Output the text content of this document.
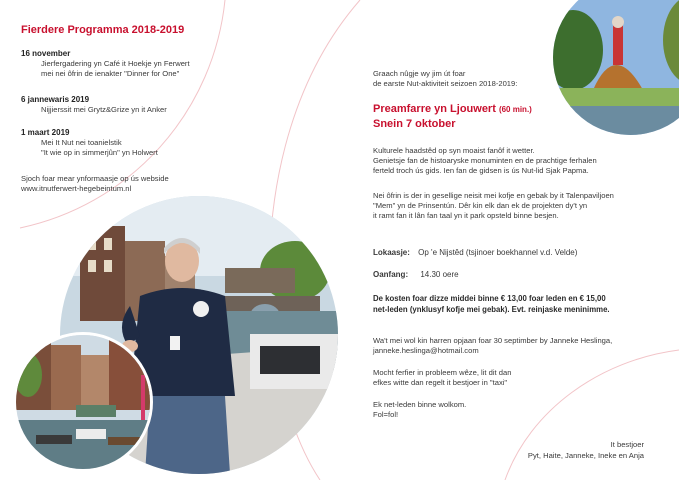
Fierdere Programma 2018-2019
16 november
Jierfergadering yn Café it Hoekje yn Ferwert
mei nei ôfrin de ienakter "Dinner for One"
6 jannewaris 2019
Nijjierssit mei Grytz&Grize yn it Anker
1 maart 2019
Mei It Nut nei toanielstik
"It wie op in simmerjûn" yn Holwert
Sjoch foar mear ynformaasje op ús webside
www.itnutferwert-hegebeintum.nl
Graach nûgje wy jim út foar
de earste Nut-aktiviteit seizoen 2018-2019:
Preamfarre yn Ljouwert (60 min.)
Snein 7 oktober
Kulturele haadstêd op syn moaist fanôf it wetter.
Genietsje fan de histoaryske monuminten en de prachtige ferhalen
ferteld troch ús gids. Ien fan de gidsen is ús Nut-lid Sjak Papma.
Nei ôfrin is der in gesellige neisit mei kofje en gebak by it Talenpaviljoen
"Mem" yn de Prinsentún. Dêr kin elk dan ek de projekten dy't yn
it ramt fan it lân fan taal yn it park opsteld binne besjen.
Lokaasje: Op 'e Nijstêd (tsjinoer boekhannel v.d. Velde)
Oanfang: 14.30 oere
De kosten foar dizze middei binne € 13,00 foar leden en € 15,00
net-leden (ynklusyf kofje mei gebak). Evt. reinjaske meninimme.
Wa't mei wol kin harren opjaan foar 30 septimber by Janneke Heslinga,
janneke.heslinga@hotmail.com
Mocht ferfier in probleem wêze, lit dit dan
efkes witte dan regelt it bestjoer in "taxi"
Ek net-leden binne wolkom.
Fol=fol!
It bestjoer
Pyt, Haite, Janneke, Ineke en Anja
